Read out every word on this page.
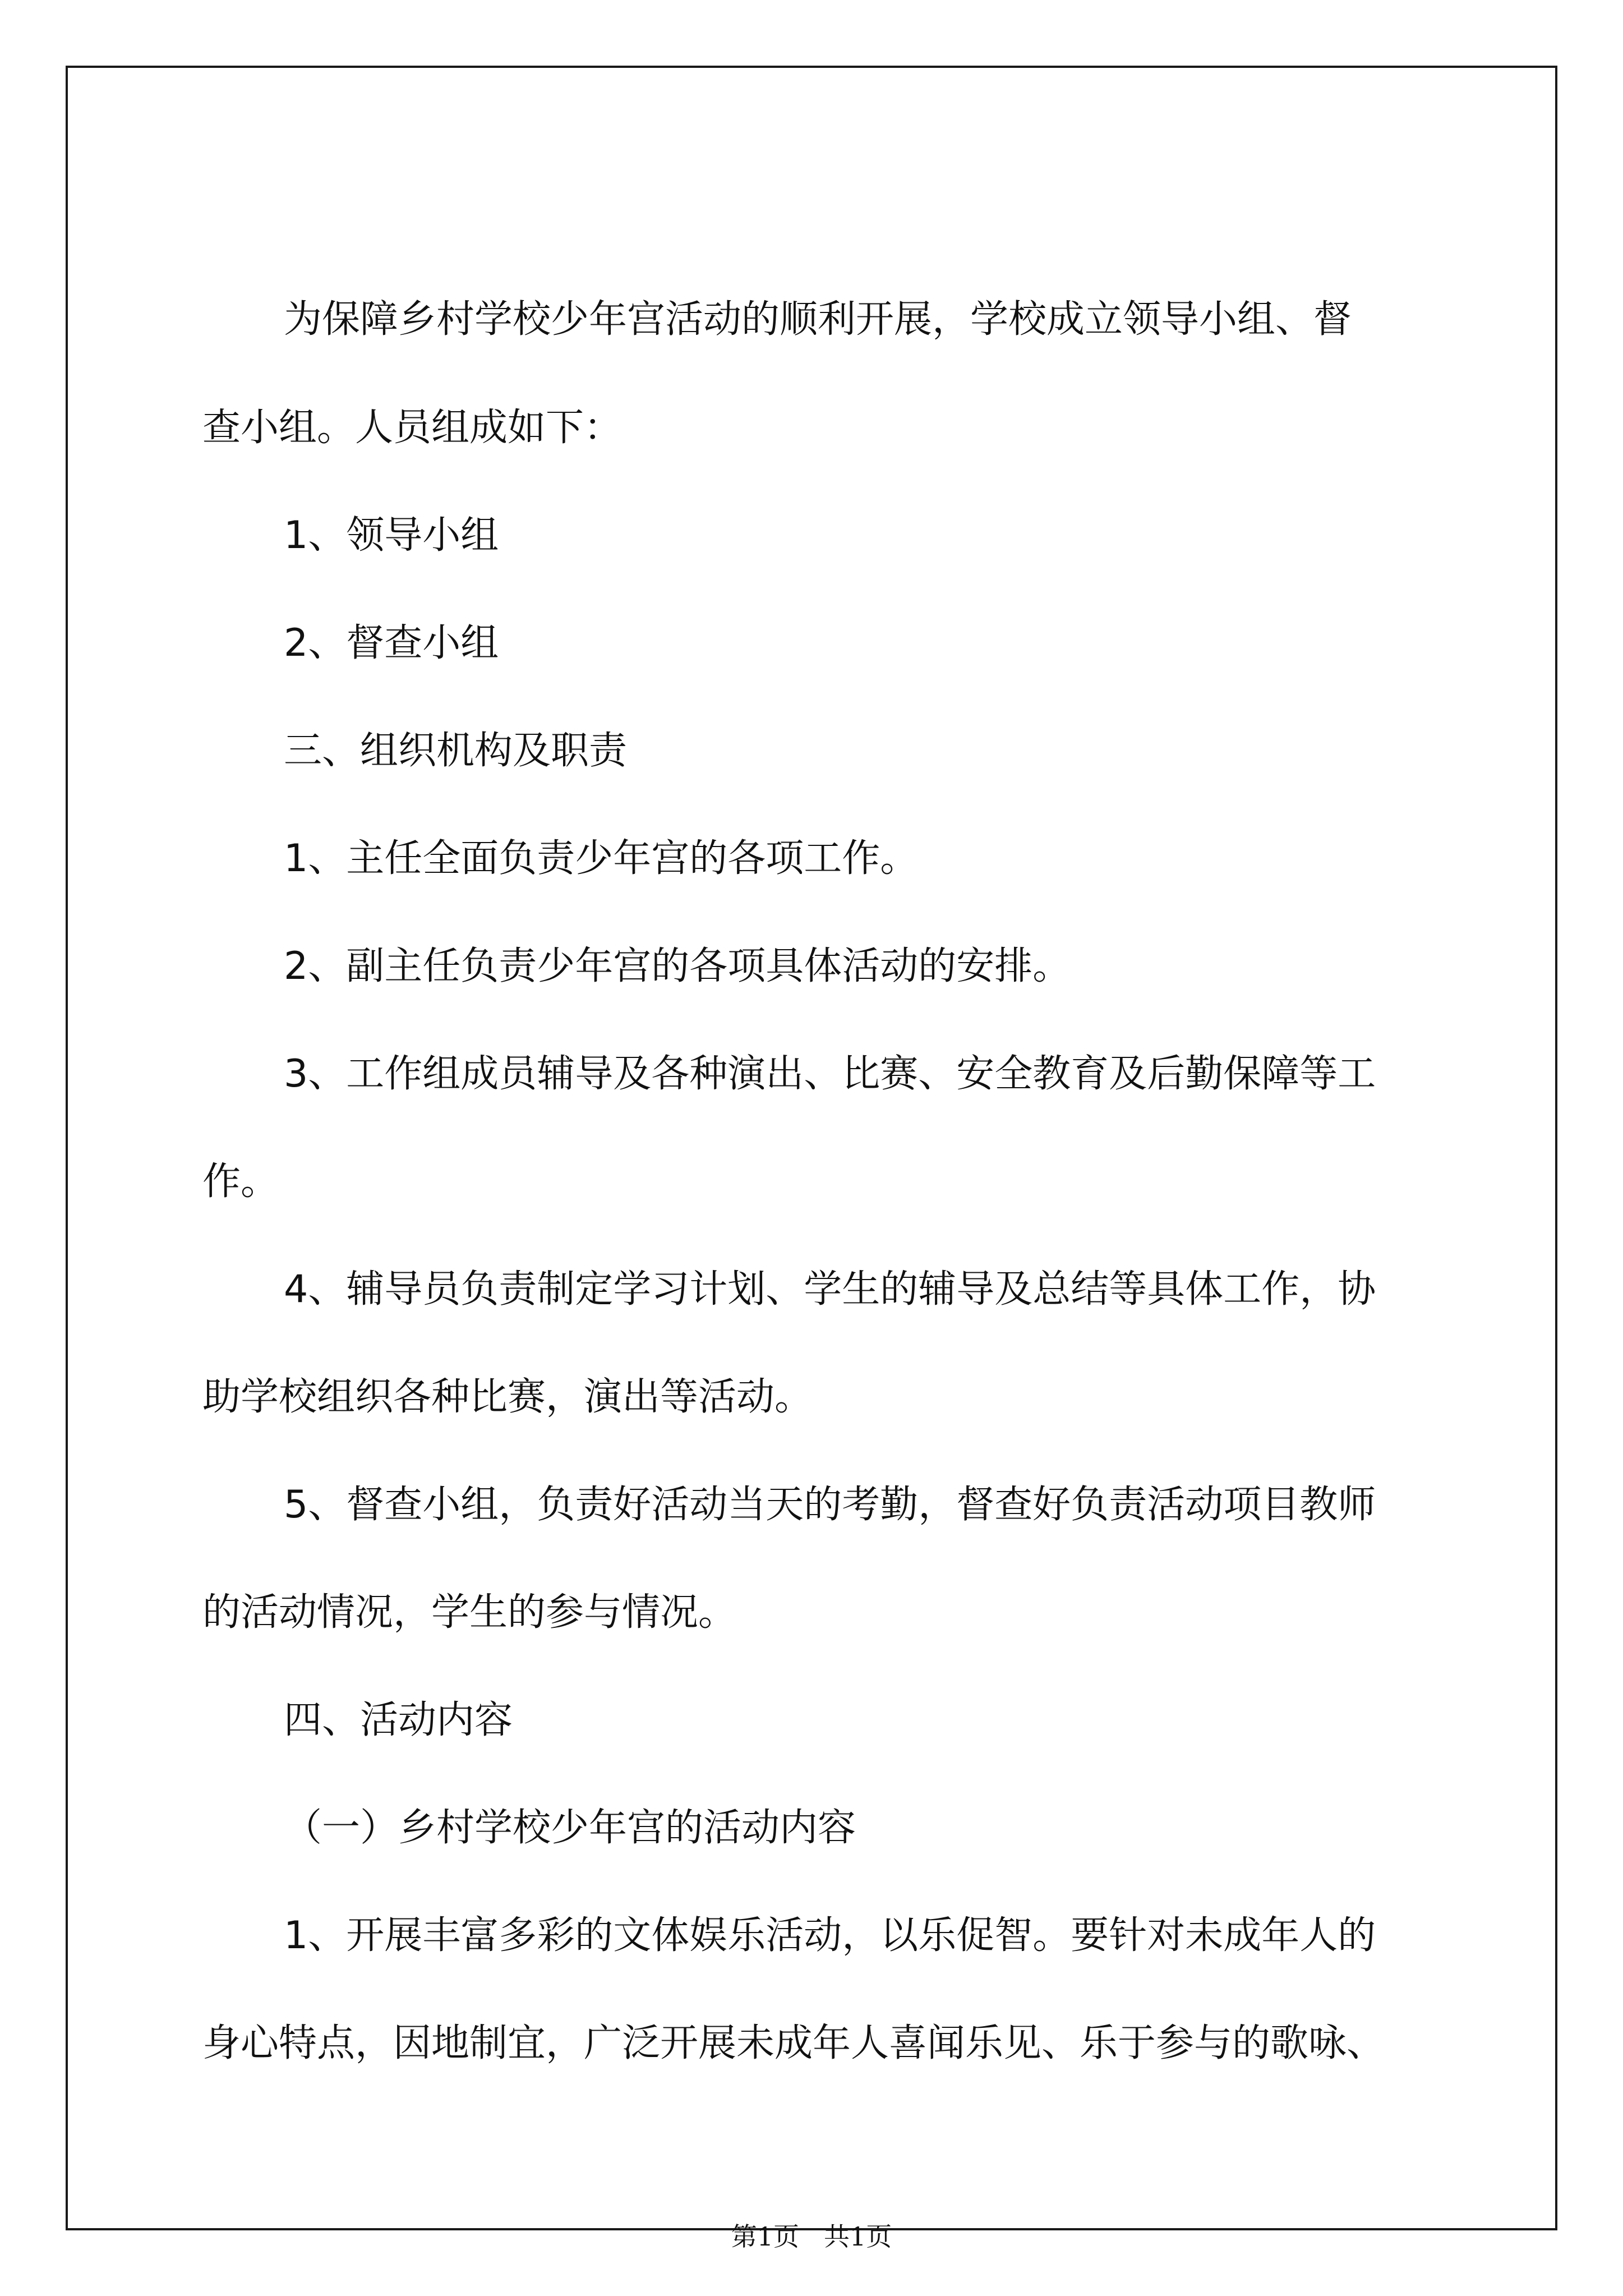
为保障乡村学校少年宫活动的顺利开展，学校成立领导小组、督

查小组。人员组成如下：

1、领导小组

2、督查小组

三、组织机构及职责

1、主任全面负责少年宫的各项工作。

2、副主任负责少年宫的各项具体活动的安排。

3、工作组成员辅导及各种演出、比赛、安全教育及后勤保障等工

作。

4、辅导员负责制定学习计划、学生的辅导及总结等具体工作，协

助学校组织各种比赛，演出等活动。

5、督查小组，负责好活动当天的考勤，督查好负责活动项目教师

的活动情况，学生的参与情况。

四、活动内容

（一）乡村学校少年宫的活动内容

1、开展丰富多彩的文体娱乐活动，以乐促智。要针对未成年人的

身心特点，因地制宜，广泛开展未成年人喜闻乐见、乐于参与的歌咏、

第1页 共1页
